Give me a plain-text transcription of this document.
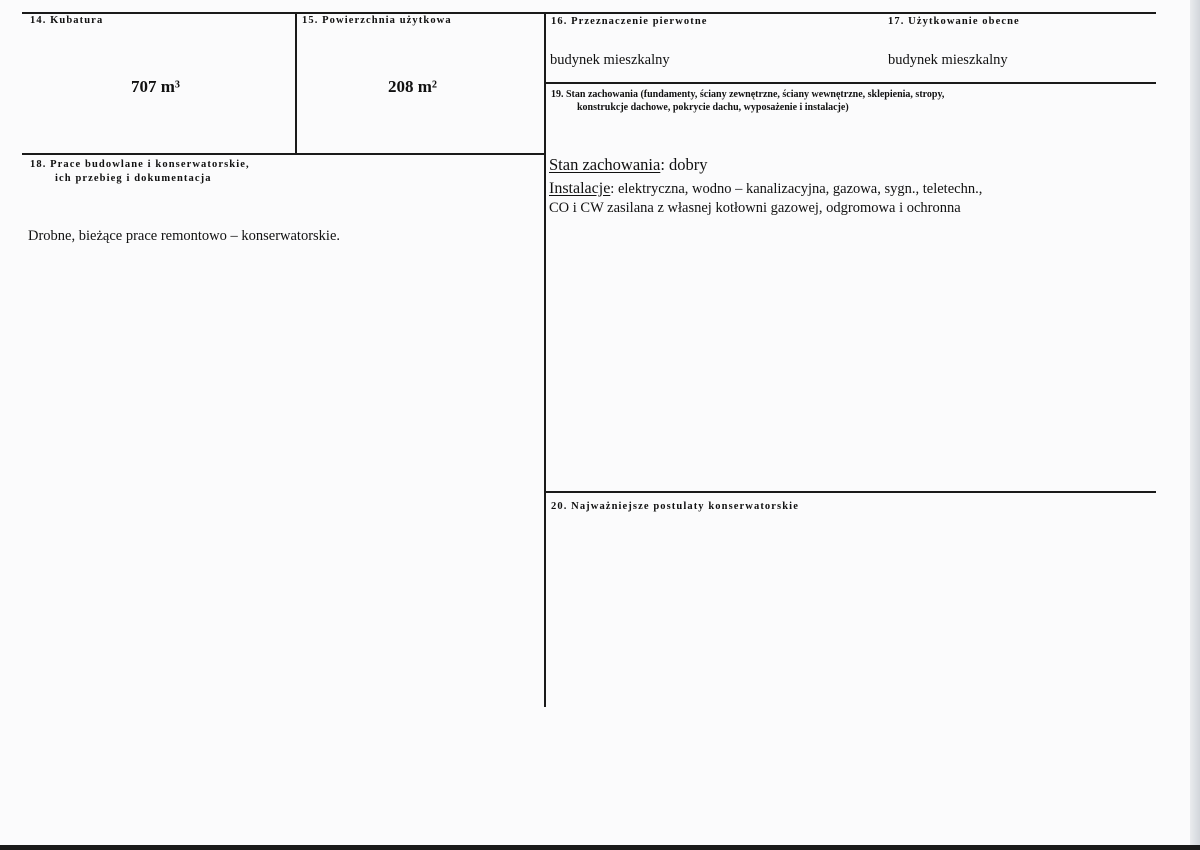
14. Kubatura
707 m³
15. Powierzchnia użytkowa
208 m²
16. Przeznaczenie pierwotne
budynek mieszkalny
17. Użytkowanie obecne
budynek mieszkalny
19. Stan zachowania (fundamenty, ściany zewnętrzne, ściany wewnętrzne, sklepienia, stropy,
konstrukcje dachowe, pokrycie dachu, wyposażenie i instalacje)
Stan zachowania: dobry
Instalacje: elektryczna, wodno – kanalizacyjna, gazowa, sygn., teletechn.,
CO i CW zasilana z własnej kotłowni gazowej, odgromowa i ochronna
18. Prace budowlane i konserwatorskie,
ich przebieg i dokumentacja
Drobne, bieżące prace remontowo – konserwatorskie.
20. Najważniejsze postulaty konserwatorskie
